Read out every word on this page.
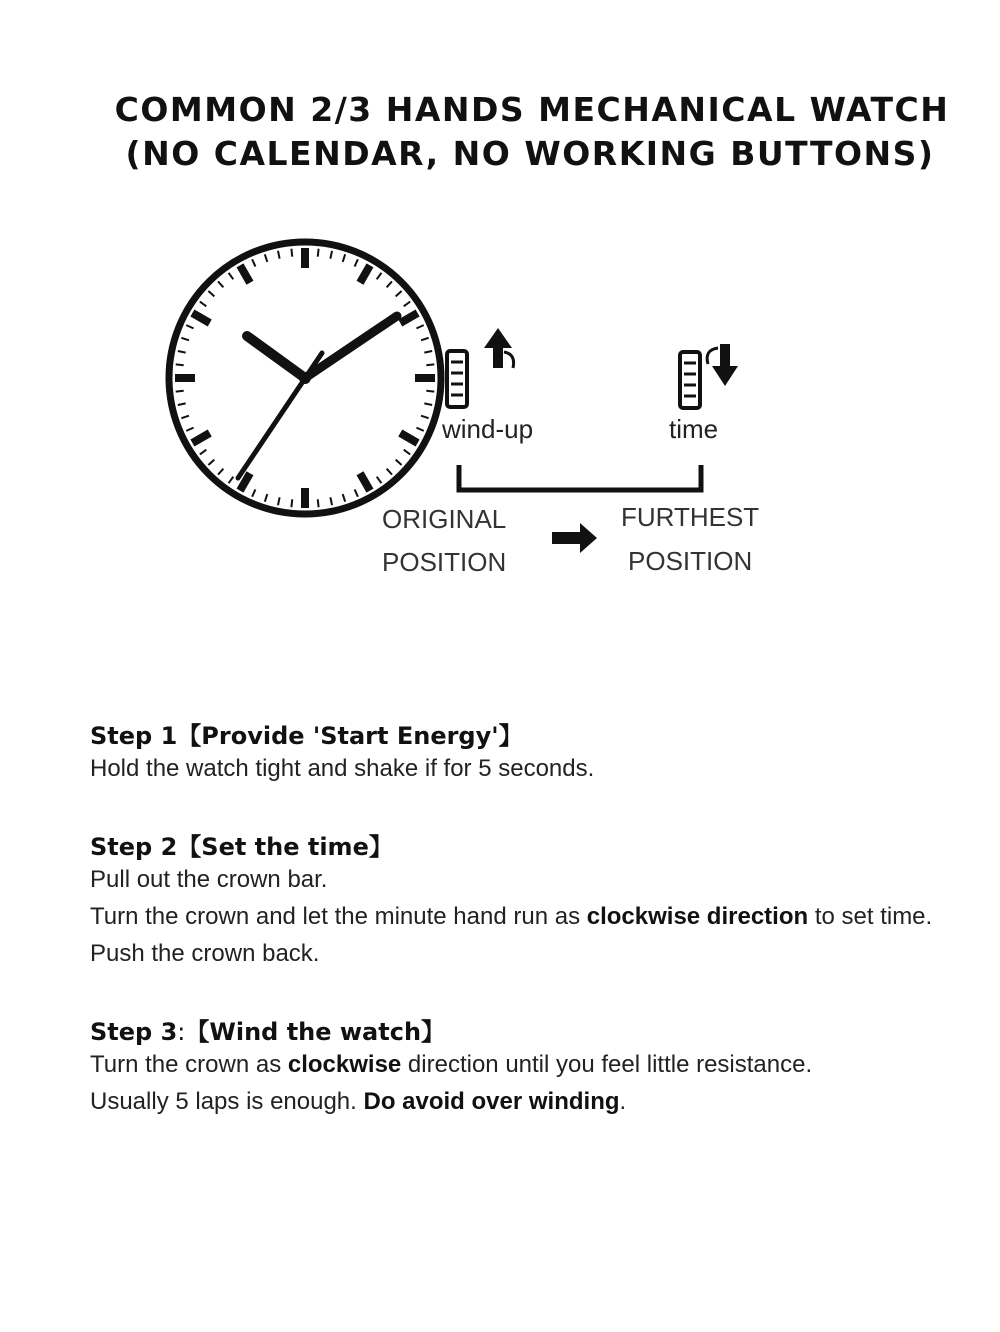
COMMON 2/3 HANDS MECHANICAL WATCH
(NO CALENDAR, NO WORKING BUTTONS)
wind-up	time
ORIGINAL
POSITION
FURTHEST
POSITION
Step 1【Provide 'Start Energy'】
Hold the watch tight and shake if for 5 seconds.
Step 2【Set the time】
Pull out the crown bar.
Turn the crown and let the minute hand run as clockwise direction to set time.
Push the crown back.
Step 3:【Wind the watch】
Turn the crown as clockwise direction until you feel little resistance.
Usually 5 laps is enough. Do avoid over winding.
